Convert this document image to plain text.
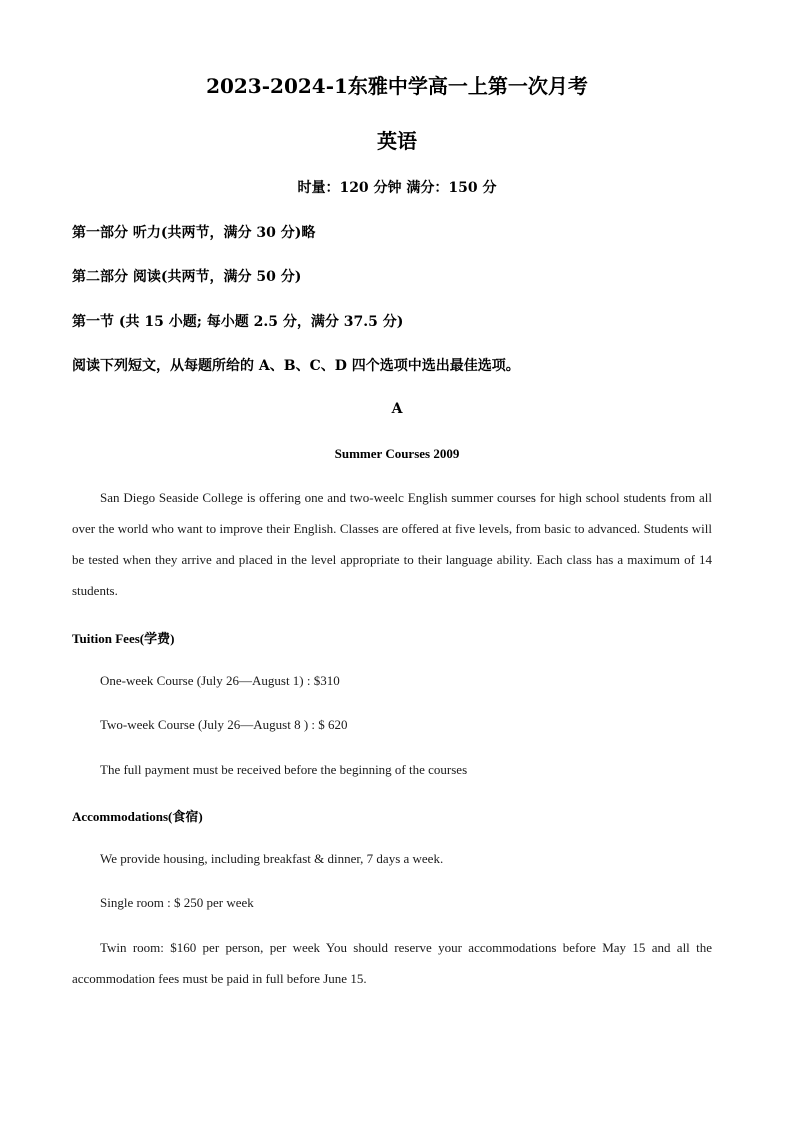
2023-2024-1东雅中学高一上第一次月考
英语
时量：120 分钟 满分：150 分
第一部分 听力(共两节，满分 30 分)略
第二部分 阅读(共两节，满分 50 分)
第一节 (共 15 小题; 每小题 2.5 分，满分 37.5 分)
阅读下列短文，从每题所给的 A、B、C、D 四个选项中选出最佳选项。
A
Summer Courses 2009

San Diego Seaside College is offering one and two-weelc English summer courses for high school students from all over the world who want to improve their English. Classes are offered at five levels, from basic to advanced. Students will be tested when they arrive and placed in the level appropriate to their language ability. Each class has a maximum of 14 students.

Tuition Fees(学费)
One-week Course (July 26—August 1) : $310
Two-week Course (July 26—August 8 ) : $ 620
The full payment must be received before the beginning of the courses
Accommodations(食宿)
We provide housing, including breakfast & dinner, 7 days a week.
Single room : $ 250 per week

Twin room: $160 per person, per week You should reserve your accommodations before May 15 and all the accommodation fees must be paid in full before June 15.
